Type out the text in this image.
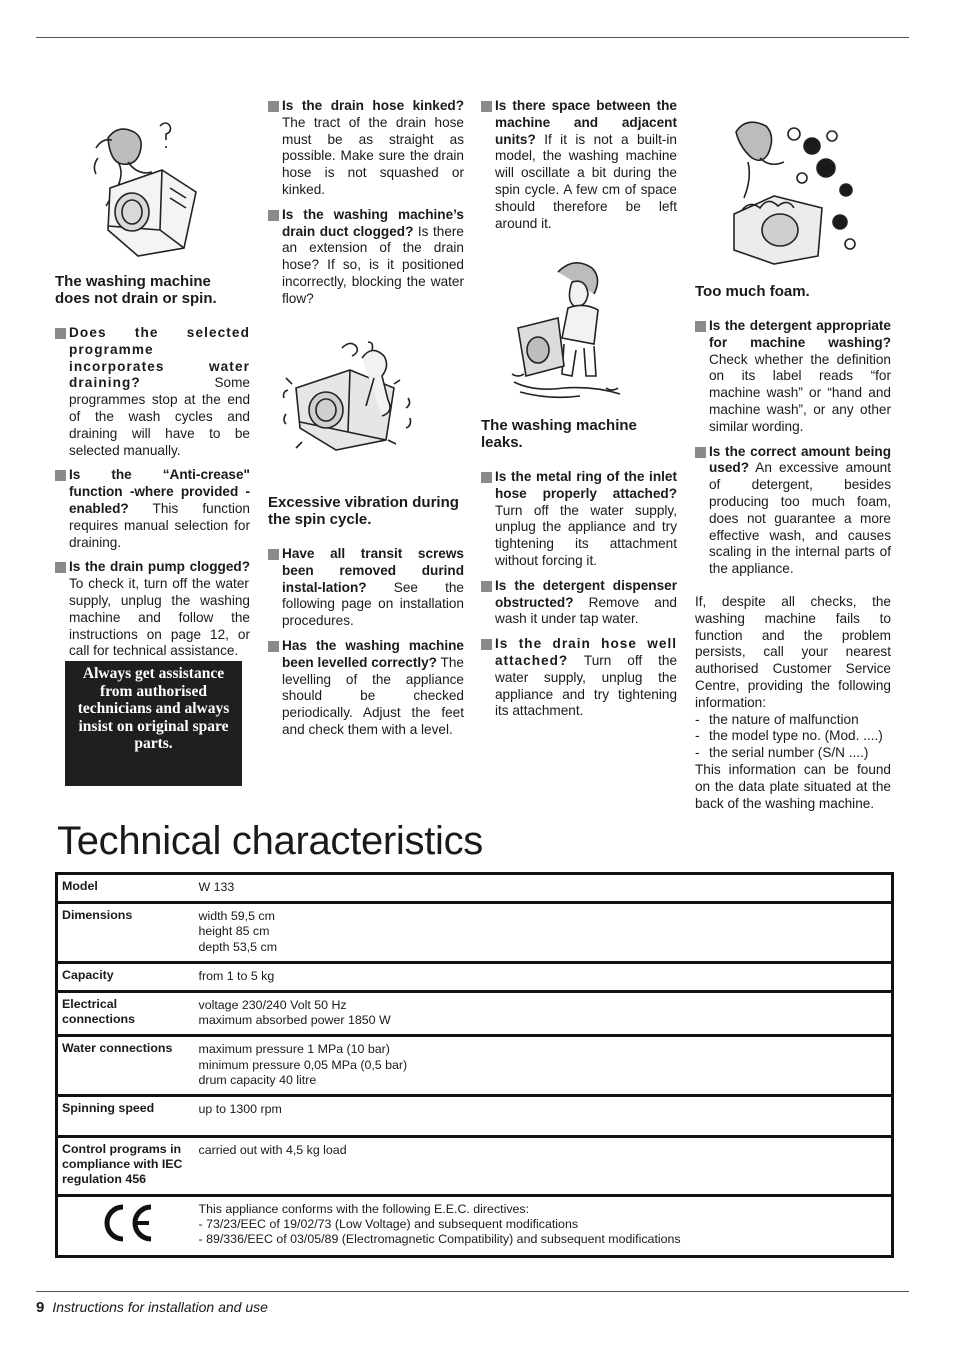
The washing machine does not drain or spin.
Does the selected programme incorporates water draining? Some programmes stop at the end of the wash cycles and draining will have to be selected manually.
Is the “Anti-crease" function -where provided - enabled? This function requires manual selection for draining.
Is the drain pump clogged? To check it, turn off the water supply, unplug the washing machine and follow the instructions on page 12, or call for technical assistance.
Always get assistance from authorised technicians and always insist on original spare parts.
Is the drain hose kinked? The tract of the drain hose must be as straight as possible. Make sure the drain hose is not squashed or kinked.
Is the washing machine’s drain duct clogged? Is there an extension of the drain hose? If so, is it positioned incorrectly, blocking the water flow?
Excessive vibration during the spin cycle.
Have all transit screws been removed durind instal-lation? See the following page on installation procedures.
Has the washing machine been levelled correctly? The levelling of the appliance should be checked periodically. Adjust the feet and check them with a level.
Is there space between the machine and adjacent units? If it is not a built-in model, the washing machine will oscillate a bit during the spin cycle. A few cm of space should therefore be left around it.
The washing machine leaks.
Is the metal ring of the inlet hose properly attached? Turn off the water supply, unplug the appliance and try tightening its attachment without forcing it.
Is the detergent dispenser obstructed? Remove and wash it under tap water.
Is the drain hose well attached? Turn off the water supply, unplug the appliance and try tightening its attachment.
Too much foam.
Is the detergent appropriate for machine washing? Check whether the definition on its label reads “for machine wash” or “hand and machine wash”, or any other similar wording.
Is the correct amount being used? An excessive amount of detergent, besides producing too much foam, does not guarantee a more effective wash, and causes scaling in the internal parts of the appliance.
If, despite all checks, the washing machine fails to function and the problem persists, call your nearest authorised Customer Service Centre, providing the following information:
- the nature of malfunction
- the model type no. (Mod. ....)
- the serial number (S/N ....)
This information can be found on the data plate situated at the back of the washing machine.
Technical characteristics
Model	W 133

Dimensions	width 59,5 cm
height 85 cm
depth 53,5 cm

Capacity	from 1 to 5 kg

Electrical connections	voltage 230/240 Volt 50 Hz
maximum absorbed power 1850 W

Water connections	maximum pressure 1 MPa (10 bar)
minimum pressure 0,05 MPa (0,5 bar)
drum capacity 40 litre

Spinning speed	up to 1300 rpm

Control programs in compliance with IEC regulation 456	carried out with 4,5 kg load

This appliance conforms with the following E.E.C. directives:
- 73/23/EEC of 19/02/73 (Low Voltage) and subsequent modifications
- 89/336/EEC of 03/05/89 (Electromagnetic Compatibility) and subsequent modifications
9 Instructions for installation and use
